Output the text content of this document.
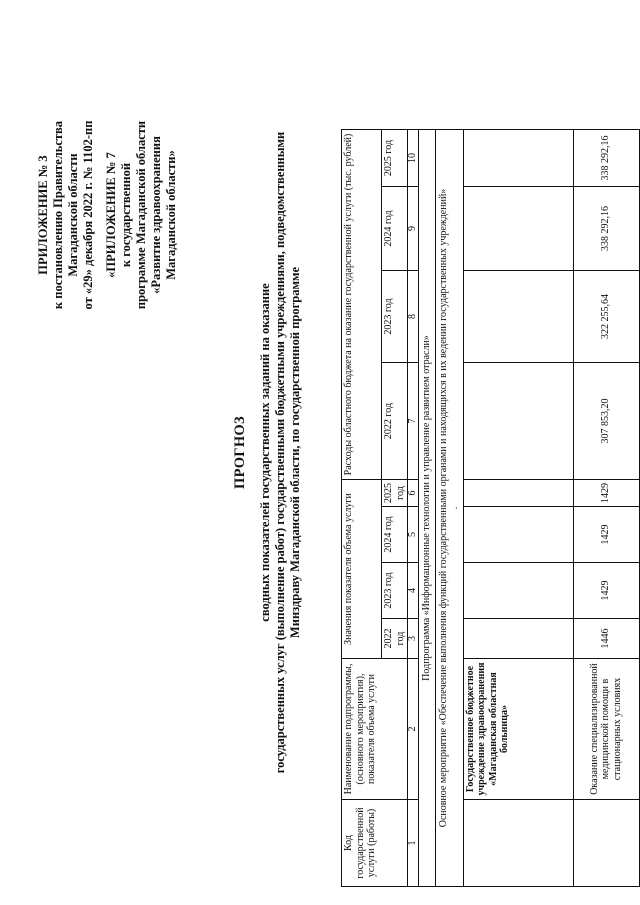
ПРИЛОЖЕНИЕ № 3 к постановлению Правительства Магаданской области от «29» декабря 2022 г. № 1102-пп «ПРИЛОЖЕНИЕ № 7 к государственной программе Магаданской области «Развитие здравоохранения Магаданской области»
ПРОГНОЗ сводных показателей государственных заданий на оказание государственных услуг (выполнение работ) государственными бюджетными учреждениями, подведомственными Минздраву Магаданской области, по государственной программе
Код государственной услуги (работы)	Наименование подпрограммы, (основного мероприятия), показателя объема услуги	Значения показателя объема услуги				Расходы областного бюджета на оказание государственной услуги (тыс. рублей)			
		2022 год	2023 год	2024 год	2025 год	2022 год	2023 год	2024 год	2025 год
1	2	3	4	5	6	7	8	9	10
Подпрограмма «Информационные технологии и управление развитием отрасли»									
Основное мероприятие «Обеспечение выполнения функций государственными органами и находящихся в их ведении государственных учреждений» .									

	Государственное бюджетное учреждение здравоохранения «Магаданская областная больница»								
	Оказание специализированной медицинской помощи в стационарных условиях	1446	1429	1429	1429	307 853,20	322 255,64	338 292,16	338 292,16
